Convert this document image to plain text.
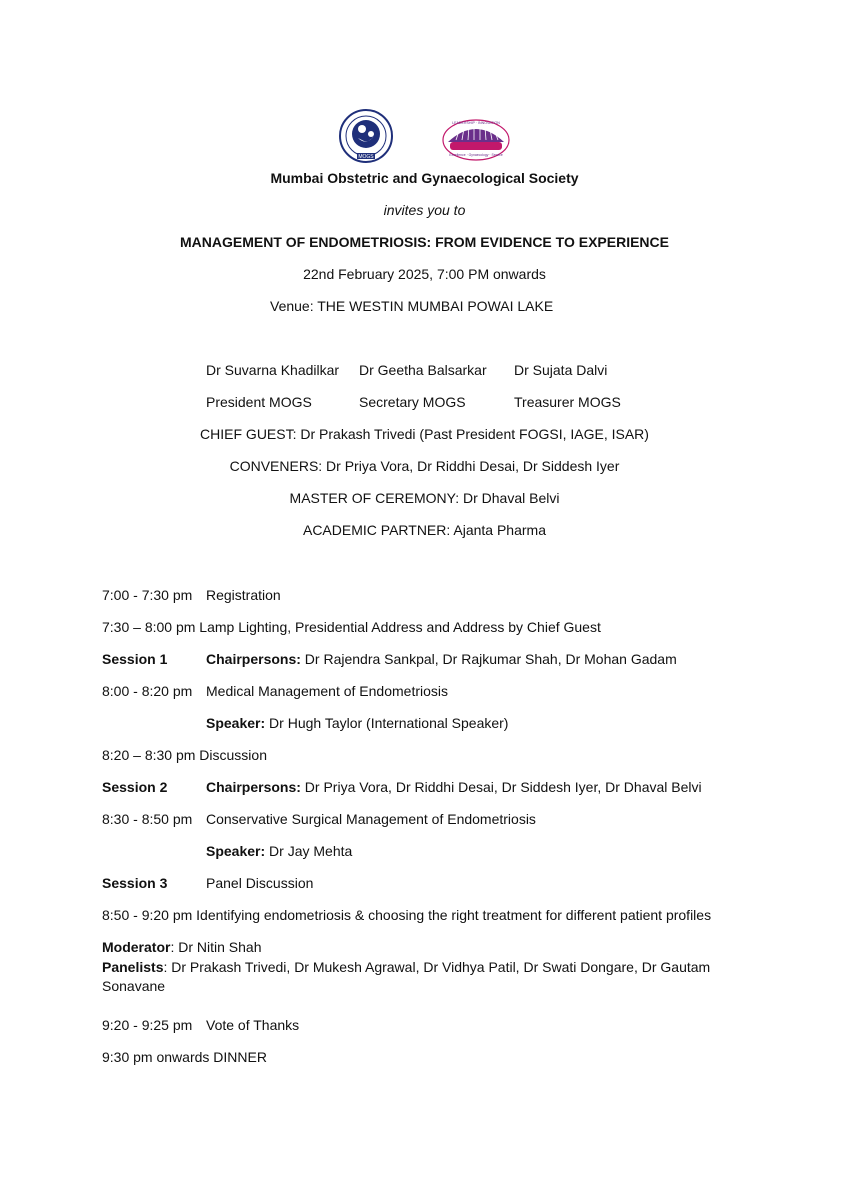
MOGS
LEADERSHIP · INNOVATION
Excellence · Gynaecology · Service
Mumbai Obstetric and Gynaecological Society
invites you to
MANAGEMENT OF ENDOMETRIOSIS: FROM EVIDENCE TO EXPERIENCE
22nd February 2025, 7:00 PM onwards
Venue: THE WESTIN MUMBAI POWAI LAKE
Dr Suvarna Khadilkar Dr Geetha Balsarkar Dr Sujata Dalvi
President MOGS	Secretary MOGS	Treasurer MOGS
CHIEF GUEST: Dr Prakash Trivedi (Past President FOGSI, IAGE, ISAR)
CONVENERS: Dr Priya Vora, Dr Riddhi Desai, Dr Siddesh Iyer
MASTER OF CEREMONY: Dr Dhaval Belvi
ACADEMIC PARTNER: Ajanta Pharma
7:00 - 7:30 pm Registration
7:30 – 8:00 pm Lamp Lighting, Presidential Address and Address by Chief Guest
Session 1	Chairpersons: Dr Rajendra Sankpal, Dr Rajkumar Shah, Dr Mohan Gadam
8:00 - 8:20 pm Medical Management of Endometriosis
Speaker: Dr Hugh Taylor (International Speaker)
8:20 – 8:30 pm Discussion
Session 2	Chairpersons: Dr Priya Vora, Dr Riddhi Desai, Dr Siddesh Iyer, Dr Dhaval Belvi
8:30 - 8:50 pm Conservative Surgical Management of Endometriosis
Speaker: Dr Jay Mehta
Session 3	Panel Discussion
8:50 - 9:20 pm Identifying endometriosis & choosing the right treatment for different patient profiles
Moderator: Dr Nitin Shah
Panelists: Dr Prakash Trivedi, Dr Mukesh Agrawal, Dr Vidhya Patil, Dr Swati Dongare, Dr Gautam
Sonavane
9:20 - 9:25 pm Vote of Thanks
9:30 pm onwards DINNER
